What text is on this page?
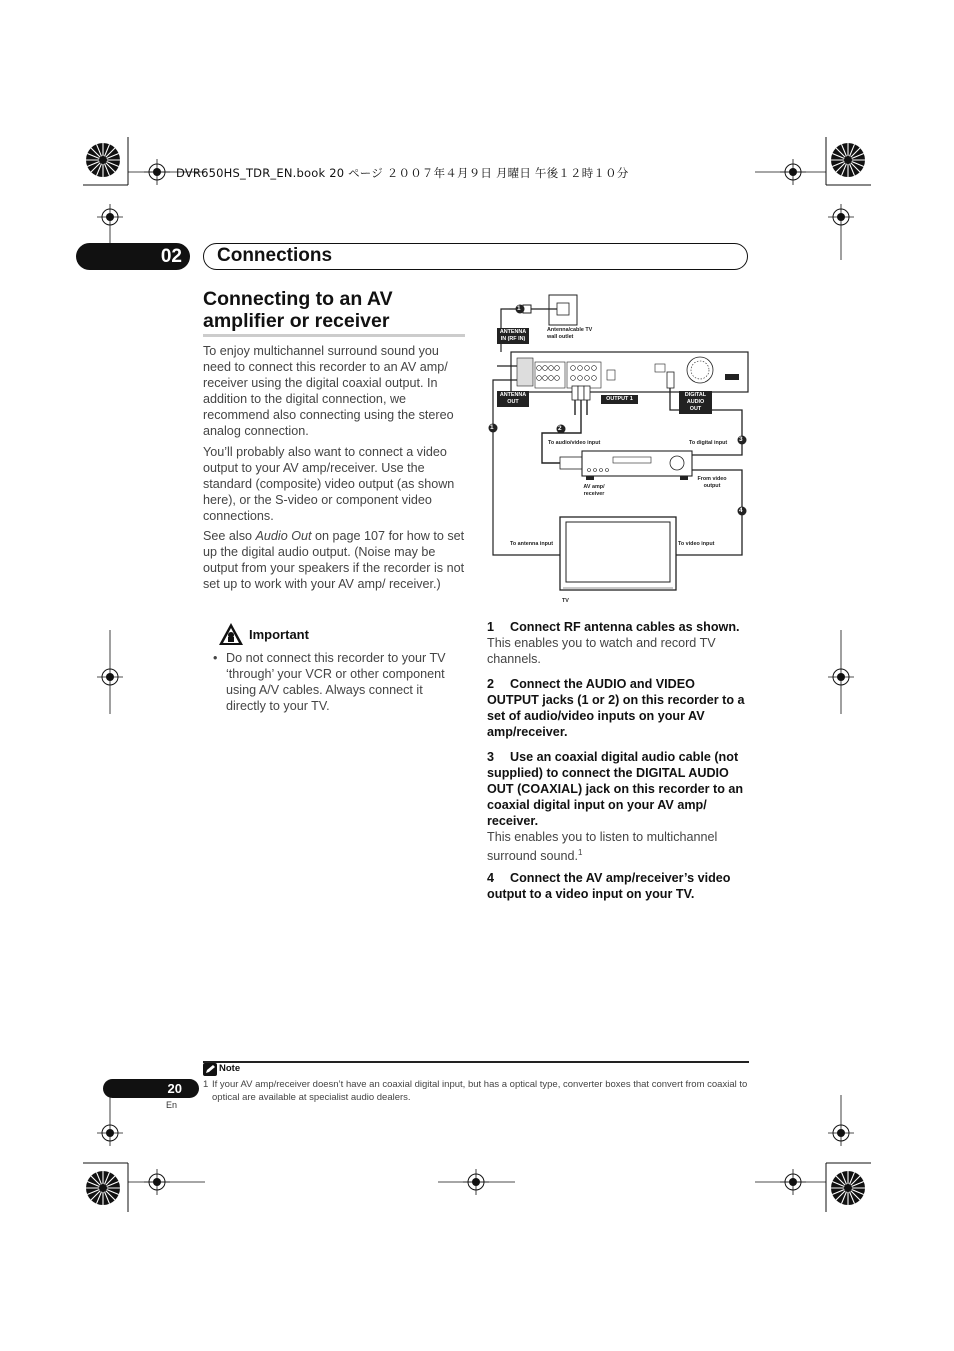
DVR650HS_TDR_EN.book 20 ページ ２００７年４月９日 月曜日 午後１２時１０分
02	Connections
Connecting to an AV amplifier or receiver
To enjoy multichannel surround sound you need to connect this recorder to an AV amp/ receiver using the digital coaxial output. In addition to the digital connection, we recommend also connecting using the stereo analog connection.
You’ll probably also want to connect a video output to your AV amp/receiver. Use the standard (composite) video output (as shown here), or the S-video or component video connections.
See also Audio Out on page 107 for how to set up the digital audio output. (Noise may be output from your speakers if the recorder is not set up to work with your AV amp/ receiver.)
Important
• Do not connect this recorder to your TV ‘through’ your VCR or other component using A/V cables. Always connect it directly to your TV.
1
1	2
3
4
ANTENNA IN (RF IN)
Antenna/cable TV wall outlet
ANTENNA OUT	OUTPUT 1
DIGITAL AUDIO OUT
To audio/video input	To digital input
AV amp/ receiver
From video output
To antenna input	To video input
TV
1 Connect RF antenna cables as shown.
This enables you to watch and record TV channels.
2 Connect the AUDIO and VIDEO OUTPUT jacks (1 or 2) on this recorder to a set of audio/video inputs on your AV amp/receiver.
3 Use an coaxial digital audio cable (not supplied) to connect the DIGITAL AUDIO OUT (COAXIAL) jack on this recorder to an coaxial digital input on your AV amp/ receiver.
This enables you to listen to multichannel surround sound.$^1$
4 Connect the AV amp/receiver’s video output to a video input on your TV.
Note
1 If your AV amp/receiver doesn’t have an coaxial digital input, but has a optical type, converter boxes that convert from coaxial to optical are available at specialist audio dealers.
20
En
